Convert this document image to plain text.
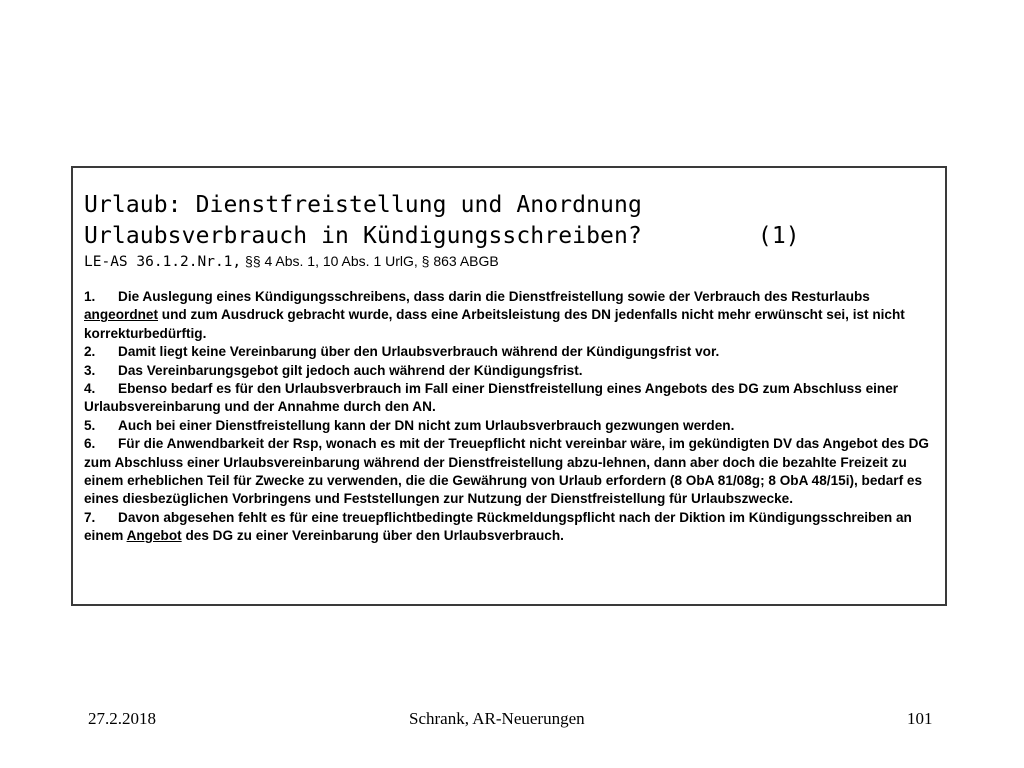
Urlaub: Dienstfreistellung und Anordnung
Urlaubsverbrauch in Kündigungsschreiben?	(1)
LE-AS 36.1.2.Nr.1, §§ 4 Abs. 1, 10 Abs. 1 UrlG, § 863 ABGB
1. Die Auslegung eines Kündigungsschreibens, dass darin die Dienstfreistellung sowie der Verbrauch des Resturlaubs angeordnet und zum Ausdruck gebracht wurde, dass eine Arbeitsleistung des DN jedenfalls nicht mehr erwünscht sei, ist nicht korrekturbedürftig.
2. Damit liegt keine Vereinbarung über den Urlaubsverbrauch während der Kündigungsfrist vor.
3. Das Vereinbarungsgebot gilt jedoch auch während der Kündigungsfrist.
4. Ebenso bedarf es für den Urlaubsverbrauch im Fall einer Dienstfreistellung eines Angebots des DG zum Abschluss einer Urlaubsvereinbarung und der Annahme durch den AN.
5. Auch bei einer Dienstfreistellung kann der DN nicht zum Urlaubsverbrauch gezwungen werden.
6. Für die Anwendbarkeit der Rsp, wonach es mit der Treuepflicht nicht vereinbar wäre, im gekündigten DV das Angebot des DG zum Abschluss einer Urlaubsvereinbarung während der Dienstfreistellung abzu-lehnen, dann aber doch die bezahlte Freizeit zu einem erheblichen Teil für Zwecke zu verwenden, die die Gewährung von Urlaub erfordern (8 ObA 81/08g; 8 ObA 48/15i), bedarf es eines diesbezüglichen Vorbringens und Feststellungen zur Nutzung der Dienstfreistellung für Urlaubszwecke.
7. Davon abgesehen fehlt es für eine treuepflichtbedingte Rückmeldungspflicht nach der Diktion im Kündigungsschreiben an einem Angebot des DG zu einer Vereinbarung über den Urlaubsverbrauch.
27.2.2018	Schrank, AR-Neuerungen	101
